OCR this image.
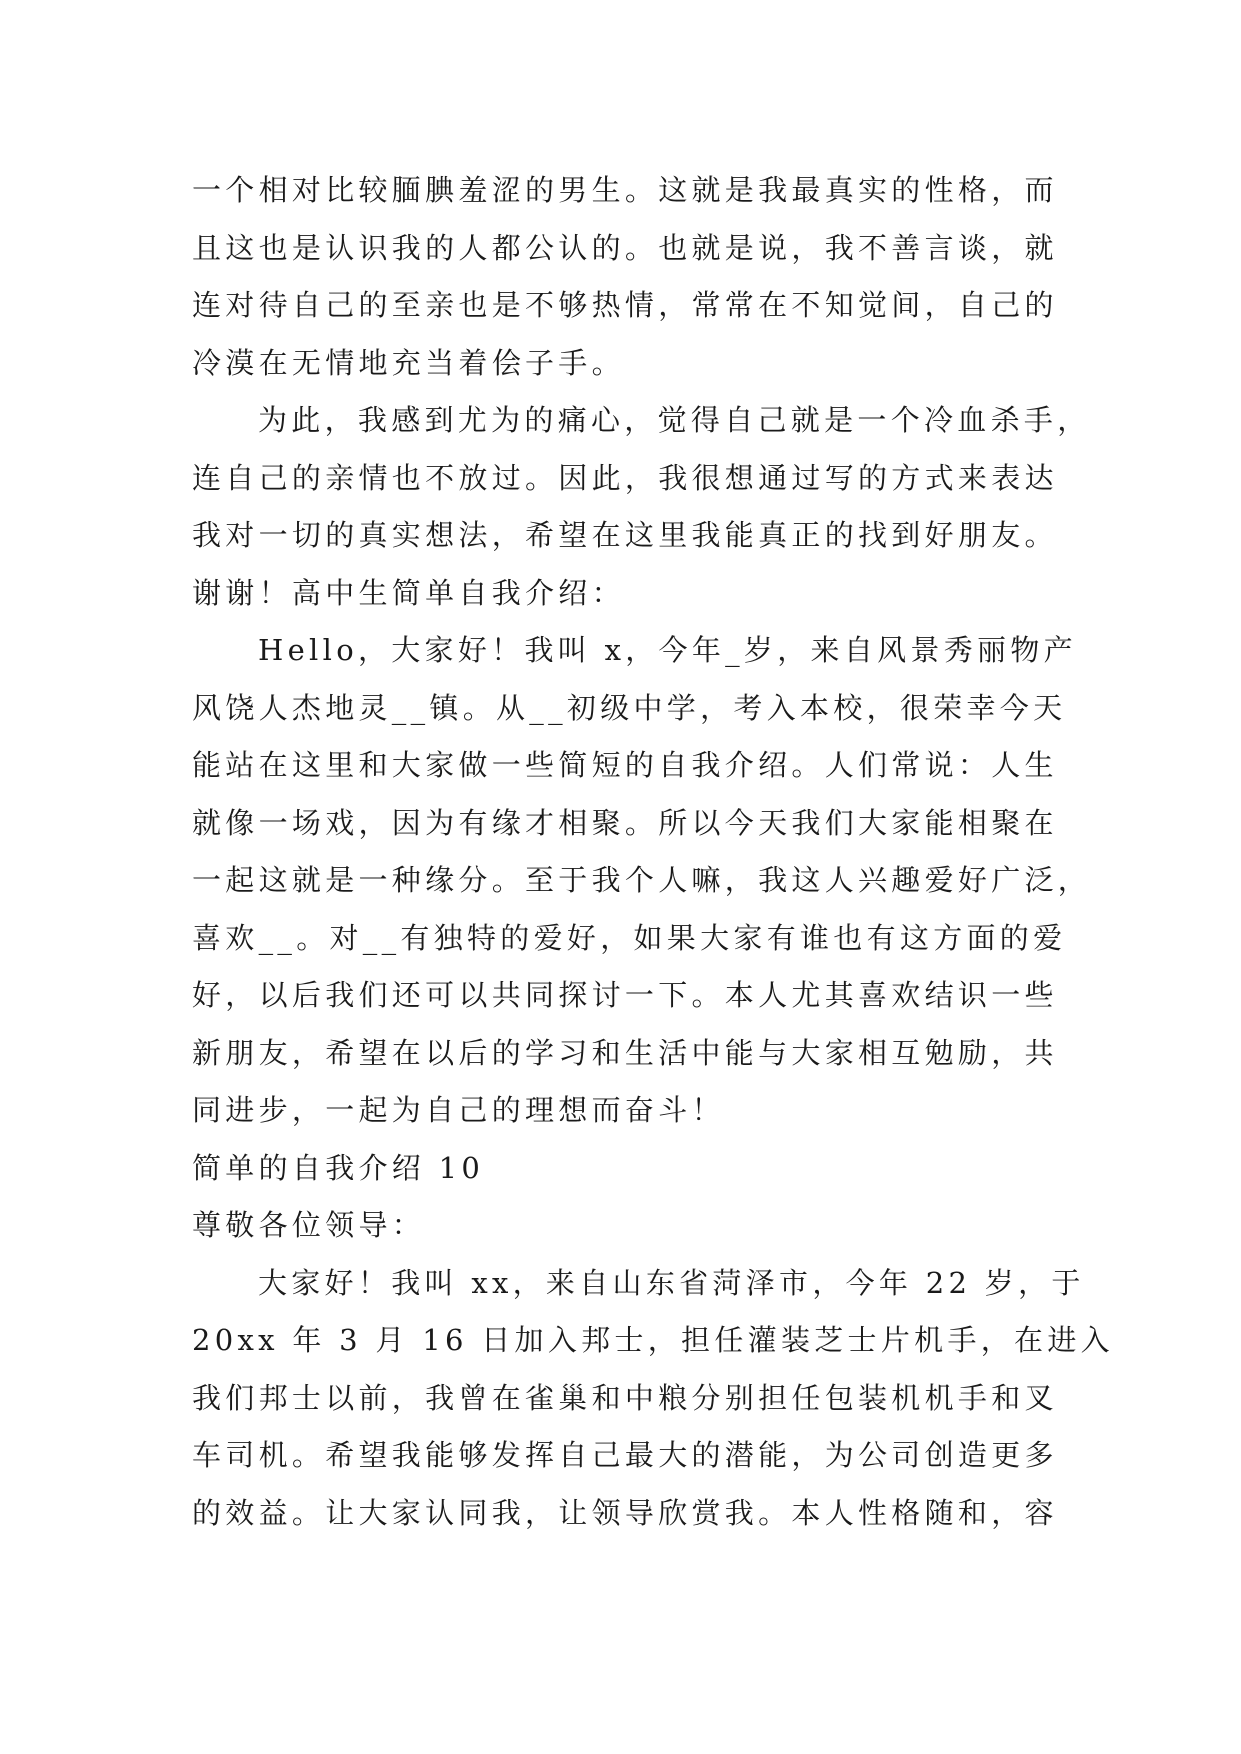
一个相对比较腼腆羞涩的男生。这就是我最真实的性格，而
且这也是认识我的人都公认的。也就是说，我不善言谈，就
连对待自己的至亲也是不够热情，常常在不知觉间，自己的
冷漠在无情地充当着侩子手。
为此，我感到尤为的痛心，觉得自己就是一个冷血杀手，
连自己的亲情也不放过。因此，我很想通过写的方式来表达
我对一切的真实想法，希望在这里我能真正的找到好朋友。
谢谢！高中生简单自我介绍：
Hello，大家好！我叫 x，今年_岁，来自风景秀丽物产
风饶人杰地灵__镇。从__初级中学，考入本校，很荣幸今天
能站在这里和大家做一些简短的自我介绍。人们常说：人生
就像一场戏，因为有缘才相聚。所以今天我们大家能相聚在
一起这就是一种缘分。至于我个人嘛，我这人兴趣爱好广泛，
喜欢__。对__有独特的爱好，如果大家有谁也有这方面的爱
好，以后我们还可以共同探讨一下。本人尤其喜欢结识一些
新朋友，希望在以后的学习和生活中能与大家相互勉励，共
同进步，一起为自己的理想而奋斗！
简单的自我介绍 10
尊敬各位领导：
大家好！我叫 xx，来自山东省菏泽市，今年 22 岁，于
20xx 年 3 月 16 日加入邦士，担任灌装芝士片机手，在进入
我们邦士以前，我曾在雀巢和中粮分别担任包装机机手和叉
车司机。希望我能够发挥自己最大的潜能，为公司创造更多
的效益。让大家认同我，让领导欣赏我。本人性格随和，容
